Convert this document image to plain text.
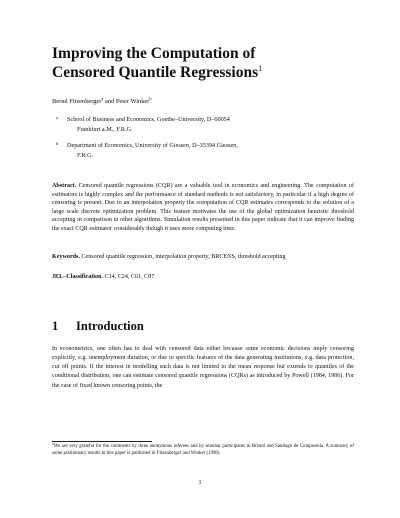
Improving the Computation of
Censored Quantile Regressions$^1$
Bernd Fitzenberger$^a$ and Peter Winker$^b$
a School of Business and Economics, Goethe–University, D–60054
Frankfurt a.M., F.R.G.
b Department of Economics, University of Giessen, D–35394 Giessen,
F.R.G.
Abstract. Censored quantile regressions (CQR) are a valuable tool in economics and engineering. The computation of estimators is highly complex and the performance of standard methods is not satisfactory, in particular if a high degree of censoring is present. Due to an interpolation property the computation of CQR estimates corresponds to the solution of a large scale discrete optimization problem. This feature motivates the use of the global optimization heuristic threshold accepting in comparison to other algorithms. Simulation results presented in this paper indicate that it can improve finding the exact CQR estimator considerably though it uses more computing time.
Keywords. Censored quantile regression, interpolation property, BRCENS, threshold accepting
JEL–Classification. C14, C24, C61, C87
1 Introduction
In econometrics, one often has to deal with censored data either because some economic decisions imply censoring explicitly, e.g. unemployment duration, or due to specific features of the data generating institutions, e.g. data protection, cut off points. If the interest in modelling such data is not limited to the mean response but extends to quantiles of the conditional distribution, one can estimate censored quantile regressions (CQRs) as introduced by Powell (1984, 1986). For the case of fixed known censoring points, the
$^1$We are very grateful for the comments by three anonymous referees and by seminar participants in Bristol and Santiago de Compostela. A summary of some preliminary results in this paper is published in Fitzenberger and Winker (1998).
1
